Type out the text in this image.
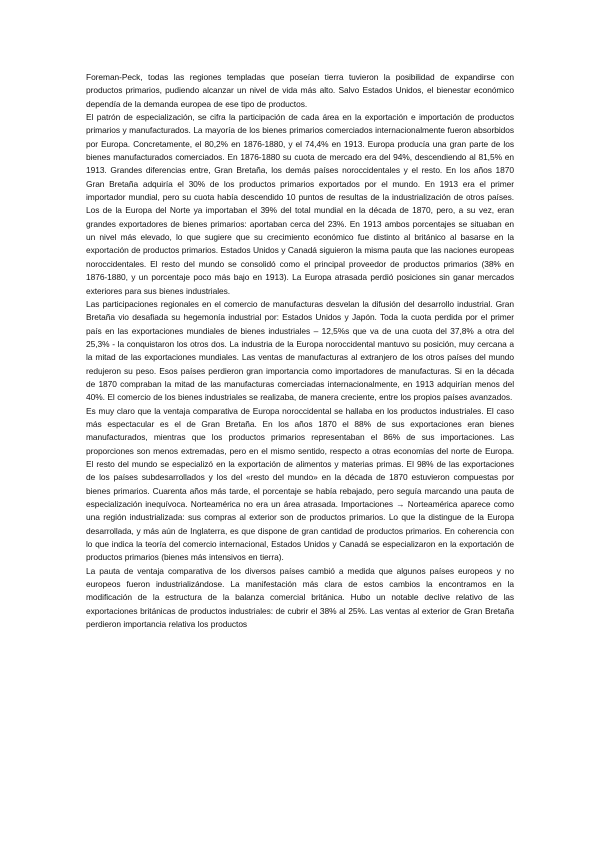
Foreman-Peck, todas las regiones templadas que poseían tierra tuvieron la posibilidad de expandirse con productos primarios, pudiendo alcanzar un nivel de vida más alto. Salvo Estados Unidos, el bienestar económico dependía de la demanda europea de ese tipo de productos.

El patrón de especialización, se cifra la participación de cada área en la exportación e importación de productos primarios y manufacturados. La mayoría de los bienes primarios comerciados internacionalmente fueron absorbidos por Europa. Concretamente, el 80,2% en 1876-1880, y el 74,4% en 1913. Europa producía una gran parte de los bienes manufacturados comerciados. En 1876-1880 su cuota de mercado era del 94%, descendiendo al 81,5% en 1913. Grandes diferencias entre, Gran Bretaña, los demás países noroccidentales y el resto. En los años 1870 Gran Bretaña adquiría el 30% de los productos primarios exportados por el mundo. En 1913 era el primer importador mundial, pero su cuota había descendido 10 puntos de resultas de la industrialización de otros países. Los de la Europa del Norte ya importaban el 39% del total mundial en la década de 1870, pero, a su vez, eran grandes exportadores de bienes primarios: aportaban cerca del 23%. En 1913 ambos porcentajes se situaban en un nivel más elevado, lo que sugiere que su crecimiento económico fue distinto al británico al basarse en la exportación de productos primarios. Estados Unidos y Canadá siguieron la misma pauta que las naciones europeas noroccidentales. El resto del mundo se consolidó como el principal proveedor de productos primarios (38% en 1876-1880, y un porcentaje poco más bajo en 1913). La Europa atrasada perdió posiciones sin ganar mercados exteriores para sus bienes industriales.

Las participaciones regionales en el comercio de manufacturas desvelan la difusión del desarrollo industrial. Gran Bretaña vio desafiada su hegemonía industrial por: Estados Unidos y Japón. Toda la cuota perdida por el primer país en las exportaciones mundiales de bienes industriales – 12,5%s que va de una cuota del 37,8% a otra del 25,3% - la conquistaron los otros dos. La industria de la Europa noroccidental mantuvo su posición, muy cercana a la mitad de las exportaciones mundiales. Las ventas de manufacturas al extranjero de los otros países del mundo redujeron su peso. Esos países perdieron gran importancia como importadores de manufacturas. Si en la década de 1870 compraban la mitad de las manufacturas comerciadas internacionalmente, en 1913 adquirían menos del 40%. El comercio de los bienes industriales se realizaba, de manera creciente, entre los propios países avanzados.

Es muy claro que la ventaja comparativa de Europa noroccidental se hallaba en los productos industriales. El caso más espectacular es el de Gran Bretaña. En los años 1870 el 88% de sus exportaciones eran bienes manufacturados, mientras que los productos primarios representaban el 86% de sus importaciones. Las proporciones son menos extremadas, pero en el mismo sentido, respecto a otras economías del norte de Europa. El resto del mundo se especializó en la exportación de alimentos y materias primas. El 98% de las exportaciones de los países subdesarrollados y los del «resto del mundo» en la década de 1870 estuvieron compuestas por bienes primarios. Cuarenta años más tarde, el porcentaje se había rebajado, pero seguía marcando una pauta de especialización inequívoca. Norteamérica no era un área atrasada. Importaciones → Norteamérica aparece como una región industrializada: sus compras al exterior son de productos primarios. Lo que la distingue de la Europa desarrollada, y más aún de Inglaterra, es que dispone de gran cantidad de productos primarios. En coherencia con lo que indica la teoría del comercio internacional, Estados Unidos y Canadá se especializaron en la exportación de productos primarios (bienes más intensivos en tierra).

La pauta de ventaja comparativa de los diversos países cambió a medida que algunos países europeos y no europeos fueron industrializándose. La manifestación más clara de estos cambios la encontramos en la modificación de la estructura de la balanza comercial británica. Hubo un notable declive relativo de las exportaciones británicas de productos industriales: de cubrir el 38% al 25%. Las ventas al exterior de Gran Bretaña perdieron importancia relativa los productos
